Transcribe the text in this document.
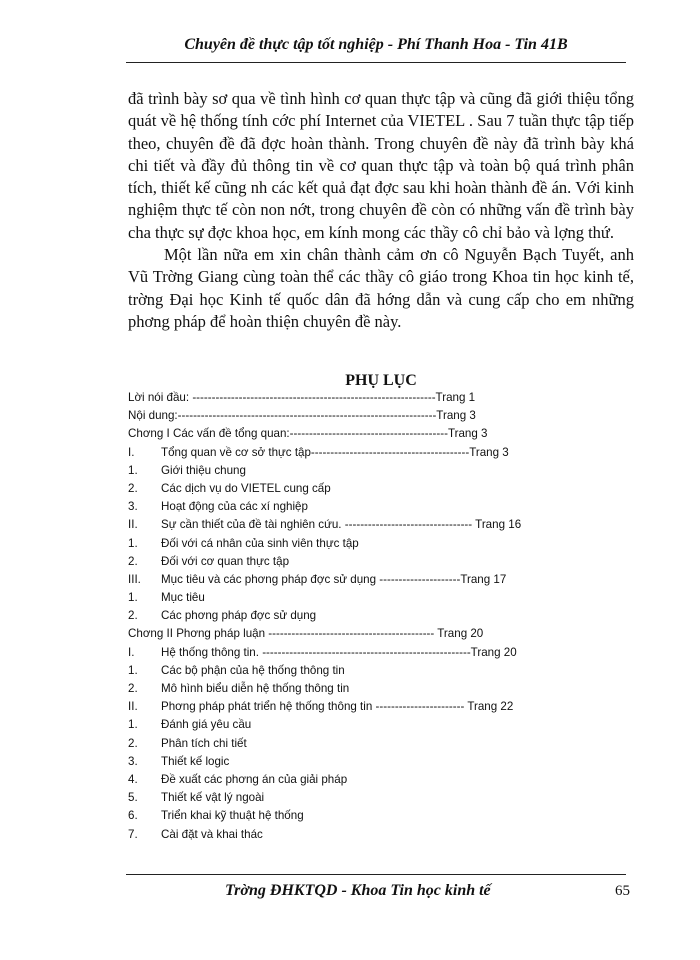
Chuyên đề thực tập tốt nghiệp - Phí Thanh Hoa - Tin 41B

đã trình bày sơ qua về tình hình cơ quan thực tập và cũng đã giới thiệu tổng quát về hệ thống tính cớc phí Internet của VIETEL . Sau 7 tuần thực tập tiếp theo, chuyên đề đã đợc hoàn thành. Trong chuyên đề này đã trình bày khá chi tiết và đầy đủ thông tin về cơ quan thực tập và toàn bộ quá trình phân tích, thiết kế cũng nh các kết quả đạt đợc sau khi hoàn thành đề án. Với kinh nghiệm thực tế còn non nớt, trong chuyên đề còn có những vấn đề trình bày cha thực sự đợc khoa học, em kính mong các thầy cô chỉ bảo và lợng thứ.

Một lần nữa em xin chân thành cảm ơn cô Nguyễn Bạch Tuyết, anh Vũ Trờng Giang cùng toàn thể các thầy cô giáo trong Khoa tin học kinh tế, trờng Đại học Kinh tế quốc dân đã hớng dẫn và cung cấp cho em những phơng pháp để hoàn thiện chuyên đề này.

PHỤ LỤC
Lời nói đầu: ---------------------------------------------------------------Trang 1
Nội dung:-------------------------------------------------------------------Trang 3
Chơng I Các vấn đề tổng quan:-----------------------------------------Trang 3
I.	Tổng quan về cơ sở thực tập-----------------------------------------Trang 3
1.	Giới thiệu chung
2.	Các dịch vụ do VIETEL cung cấp
3.	Hoạt động của các xí nghiệp
II.	Sự cần thiết của đề tài nghiên cứu. --------------------------------- Trang 16
1.	Đối với cá nhân của sinh viên thực tập
2.	Đối với cơ quan thực tập
III.	Mục tiêu và các phơng pháp đợc sử dụng ---------------------Trang 17
1.	Mục tiêu
2.	Các phơng pháp đợc sử dụng
Chơng II Phơng pháp luận ------------------------------------------- Trang 20
I.	Hệ thống thông tin. ------------------------------------------------------Trang 20
1.	Các bộ phận của hệ thống thông tin
2.	Mô hình biểu diễn hệ thống thông tin
II.	Phơng pháp phát triển hệ thống thông tin ----------------------- Trang 22
1.	Đánh giá yêu cầu
2.	Phân tích chi tiết
3.	Thiết kế logic
4.	Đề xuất các phơng án của giải pháp
5.	Thiết kế vật lý ngoài
6.	Triển khai kỹ thuật hệ thống
7.	Cài đặt và khai thác
Trờng ĐHKTQD - Khoa Tin học kinh tế	65
